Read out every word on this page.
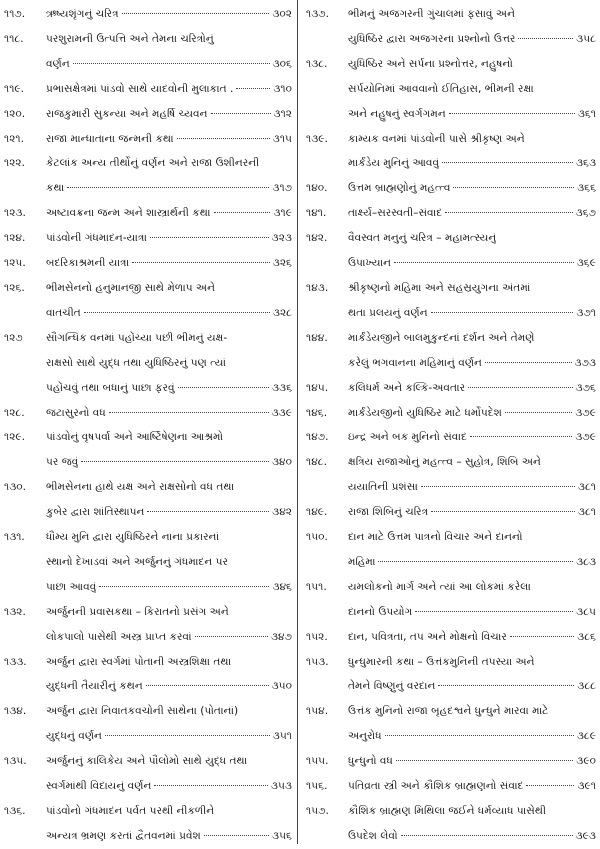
૧૧૭.	ઋષ્યશૃંગનું ચરિત્ર	૩૦૨
૧૧૮.	પરશુરામની ઉત્પત્તિ અને તેમના ચરિત્રોનું
વર્ણન	૩૦૬
૧૧૯.	પ્રભાસક્ષેત્રમાં પાંડવો સાથે યાદવોની મુલાકાત .	૩૧૦
૧૨૦.	રાજકુમારી સુકન્યા અને મહર્ષિ ચ્યવન	૩૧૨
૧૨૧.	રાજા માન્ધાતાના જન્મની કથા	૩૧૫
૧૨૨.	કેટલાંક અન્ય તીર્થોનું વર્ણન અને રાજા ઉશીનરની
કથા	૩૧૭
૧૨૩.	અષ્ટાવક્રના જન્મ અને શાસ્ત્રાર્થની કથા	૩૧૯
૧૨૪.	પાંડવોની ગંધમાદન-યાત્રા	૩૨૩
૧૨૫.	બદરિકાશ્રમની યાત્રા	૩૨૬
૧૨૬.	ભીમસેનનો હનુમાનજી સાથે મેળાપ અને
વાતચીત	૩૨૮
૧૨૭	સૌગન્ધિક વનમાં પહોંચ્યા પછી ભીમનું યક્ષ-
રાક્ષસો સાથે યુદ્ધ તથા યુધિષ્ઠિરનું પણ ત્યાં
પહોંચવું તથા બધાનું પાછા ફરવું	૩૩૬
૧૨૮.	જટાસુરનો વધ	૩૩૯
૧૨૯.	પાંડવોનું વૃષપર્વા અને આર્ષ્ટિષેણના આશ્રમો
પર જવું	૩૪૦
૧૩૦.	ભીમસેનના હાથે યક્ષ અને રાક્ષસોનો વધ તથા
કુબેર દ્વારા શાંતિસ્થાપન	૩૪૨
૧૩૧.	ધૌમ્ય મુનિ દ્વારા યુધિષ્ઠિરને નાના પ્રકારનાં
સ્થાનો દેખાડવાં અને અર્જુનનું ગંધમાદન પર
પાછા આવવું	૩૪૬
૧૩૨.	અર્જુનની પ્રવાસકથા – કિરાતનો પ્રસંગ અને
લોકપાલો પાસેથી અસ્ત્ર પ્રાપ્ત કરવાં	૩૪૭
૧૩૩.	અર્જુન દ્વારા સ્વર્ગમાં પોતાની અસ્ત્રશિક્ષા તથા
યુદ્ધની તૈયારીનું કથન	૩૫૦
૧૩૪.	અર્જુન દ્વારા નિવાતકવચોની સાથેના (પોતાનાં)
યુદ્ધનું વર્ણન	૩૫૧
૧૩૫.	અર્જુનનું કાલિકેય અને પૌલોમો સાથે યુદ્ધ તથા
સ્વર્ગમાંથી વિદાયનું વર્ણન	૩૫૩
૧૩૬.	પાંડવોનો ગંધમાદન પર્વત પરથી નીકળીને
અન્યત્ર ભ્રમણ કરતાં દ્વૈતવનમાં પ્રવેશ	૩૫૬
૧૩૭.	ભીમનું અજગરની ગુંચાલમાં ફસાવું અને
યુધિષ્ઠિર દ્વારા અજગરના પ્રશ્નોનો ઉત્તર	૩૫૮
૧૩૮.	યુધિષ્ઠિર અને સર્પના પ્રશ્નોત્તર, નહુષનો
સર્પયોનિમાં આવવાનો ઈતિહાસ, ભીમની રક્ષા
અને નહુષનું સ્વર્ગગમન	૩૬૧
૧૩૯.	કામ્યક વનમાં પાંડવોની પાસે શ્રીકૃષ્ણ અને
માર્કંડેય મુનિનું આવવું	૩૬૩
૧૪૦.	ઉત્તમ બ્રાહ્મણોનું મહત્ત્વ	૩૬૬
૧૪૧.	તાર્ક્ષ્ય–સરસ્વતી–સંવાદ	૩૬૭
૧૪૨.	વૈવસ્વત મનુનું ચરિત્ર – મહામત્સ્યનું
ઉપાખ્યાન	૩૬૯
૧૪૩.	શ્રીકૃષ્ણનો મહિમા અને સહસ્રયુગના અંતમાં
થતા પ્રલયનું વર્ણન	૩૭૧
૧૪૪.	માર્કંડેયજીને બાલમુકુન્દનાં દર્શન અને તેમણે
કરેલું ભગવાનના મહિમાનું વર્ણન	૩૭૩
૧૪૫.	કલિધર્મ અને કલ્કિ-અવતાર	૩૭૬
૧૪૬.	માર્કંડેયજીનો યુધિષ્ઠિર માટે ધર્મોપદેશ	૩૭૯
૧૪૭.	ઇન્દ્ર અને બક મુનિનો સંવાદ	૩૭૯
૧૪૮.	ક્ષત્રિય રાજાઓનું મહત્ત્વ – સુહોત્ર, શિબિ અને
યયાતિની પ્રશંસા	૩૮૧
૧૪૯.	રાજા શિબિનું ચરિત્ર	૩૮૧
૧૫૦.	દાન માટે ઉત્તમ પાત્રનો વિચાર અને દાનનો
મહિમા	૩૮૩
૧૫૧.	યમલોકનો માર્ગ અને ત્યાં આ લોકમાં કરેલા
દાનનો ઉપયોગ	૩૮૫
૧૫૨.	દાન, પવિત્રતા, તપ અને મોક્ષનો વિચાર	૩૮૬
૧૫૩.	ધુન્ધુમારની કથા – ઉત્તંકમુનિની તપસ્યા અને
તેમને વિષ્ણુનું વરદાન	૩૮૮
૧૫૪.	ઉત્તંક મુનિનો રાજા બૃહદશ્વને ધુન્ધુને મારવા માટે
અનુરોધ	૩૮૯
૧૫૫.	ધુન્ધુનો વધ	૩૯૦
૧૫૬.	પતિવ્રતા સ્ત્રી અને કૌશિક બ્રાહ્મણનો સંવાદ	૩૯૧
૧૫૭.	કૌશિક બ્રાહ્મણ મિથિલા જઈને ધર્મવ્યાધ પાસેથી
ઉપદેશ લેવો	૩૯૩
